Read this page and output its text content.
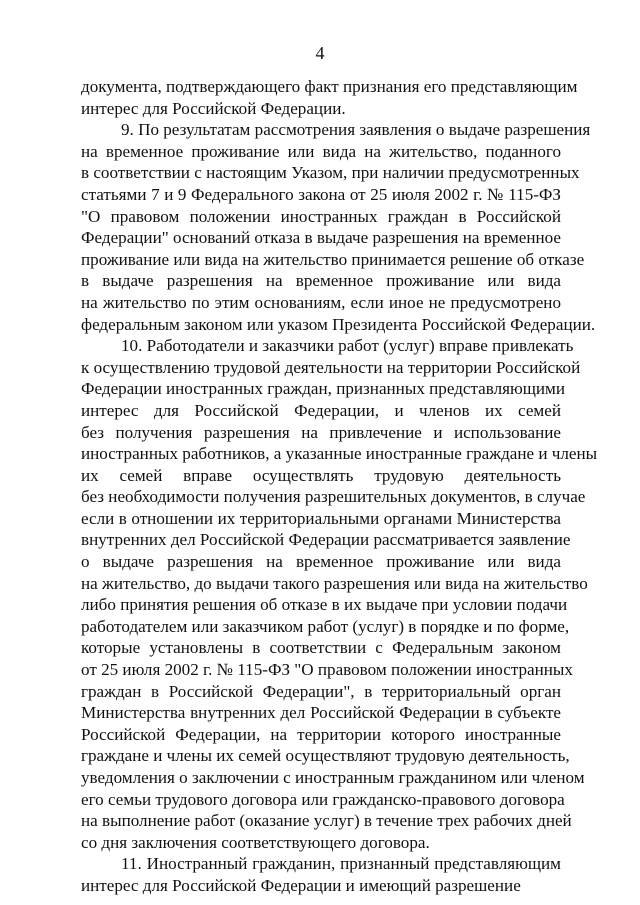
4

документа, подтверждающего факт признания его представляющим
интерес для Российской Федерации.

9. По результатам рассмотрения заявления о выдаче разрешения
на временное проживание или вида на жительство, поданного
в соответствии с настоящим Указом, при наличии предусмотренных
статьями 7 и 9 Федерального закона от 25 июля 2002 г. № 115-ФЗ
"О правовом положении иностранных граждан в Российской
Федерации" оснований отказа в выдаче разрешения на временное
проживание или вида на жительство принимается решение об отказе
в выдаче разрешения на временное проживание или вида
на жительство по этим основаниям, если иное не предусмотрено
федеральным законом или указом Президента Российской Федерации.

10. Работодатели и заказчики работ (услуг) вправе привлекать
к осуществлению трудовой деятельности на территории Российской
Федерации иностранных граждан, признанных представляющими
интерес для Российской Федерации, и членов их семей
без получения разрешения на привлечение и использование
иностранных работников, а указанные иностранные граждане и члены
их семей вправе осуществлять трудовую деятельность
без необходимости получения разрешительных документов, в случае
если в отношении их территориальными органами Министерства
внутренних дел Российской Федерации рассматривается заявление
о выдаче разрешения на временное проживание или вида
на жительство, до выдачи такого разрешения или вида на жительство
либо принятия решения об отказе в их выдаче при условии подачи
работодателем или заказчиком работ (услуг) в порядке и по форме,
которые установлены в соответствии с Федеральным законом
от 25 июля 2002 г. № 115-ФЗ "О правовом положении иностранных
граждан в Российской Федерации", в территориальный орган
Министерства внутренних дел Российской Федерации в субъекте
Российской Федерации, на территории которого иностранные
граждане и члены их семей осуществляют трудовую деятельность,
уведомления о заключении с иностранным гражданином или членом
его семьи трудового договора или гражданско-правового договора
на выполнение работ (оказание услуг) в течение трех рабочих дней
со дня заключения соответствующего договора.

11. Иностранный гражданин, признанный представляющим
интерес для Российской Федерации и имеющий разрешение
